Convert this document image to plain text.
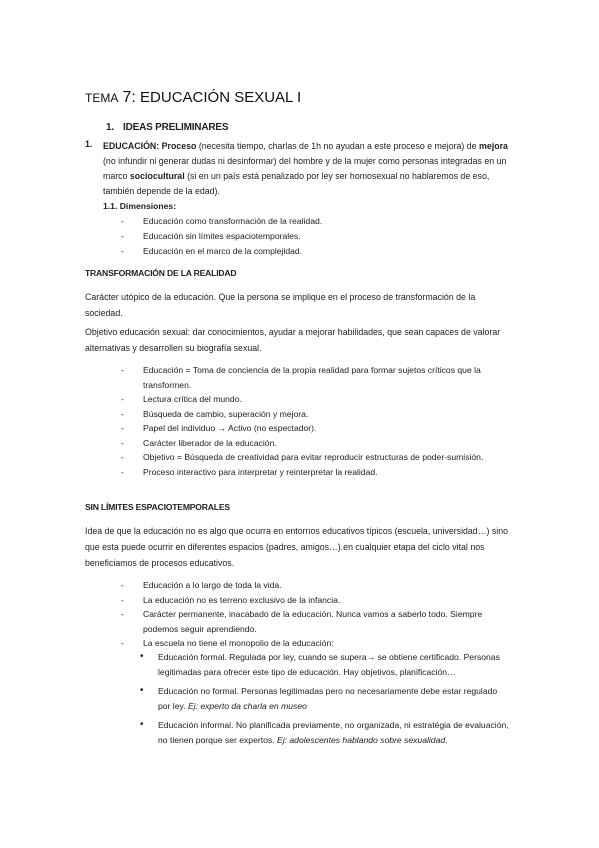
TEMA 7: EDUCACIÓN SEXUAL I
1. IDEAS PRELIMINARES
1. EDUCACIÓN: Proceso (necesita tiempo, charlas de 1h no ayudan a este proceso e mejora) de mejora (no infundir ni generar dudas ni desinformar) del hombre y de la mujer como personas integradas en un marco sociocultural (si en un país está penalizado por ley ser homosexual no hablaremos de eso, también depende de la edad).
1.1. Dimensiones:
- Educación como transformación de la realidad.
- Educación sin límites espaciotemporales.
- Educación en el marco de la complejidad.
TRANSFORMACIÓN DE LA REALIDAD
Carácter utópico de la educación. Que la persona se implique en el proceso de transformación de la sociedad.
Objetivo educación sexual: dar conocimientos, ayudar a mejorar habilidades, que sean capaces de valorar alternativas y desarrollen su biografía sexual.
- Educación = Toma de conciencia de la propia realidad para formar sujetos críticos que la transformen.
- Lectura crítica del mundo.
- Búsqueda de cambio, superación y mejora.
- Papel del individuo → Activo (no espectador).
- Carácter liberador de la educación.
- Objetivo = Búsqueda de creatividad para evitar reproducir estructuras de poder-sumisión.
- Proceso interactivo para interpretar y reinterpretar la realidad.
SIN LÍMITES ESPACIOTEMPORALES
Idea de que la educación no es algo que ocurra en entornos educativos típicos (escuela, universidad…) sino que esta puede ocurrir en diferentes espacios (padres, amigos…).en cualquier etapa del ciclo vital nos beneficiamos de procesos educativos.
- Educación a lo largo de toda la vida.
- La educación no es terreno exclusivo de la infancia.
- Carácter permanente, inacabado de la educación. Nunca vamos a saberlo todo. Siempre podemos seguir aprendiendo.
- La escuela no tiene el monopolio de la educación:
• Educación formal. Regulada por ley, cuando se supera→ se obtiene certificado. Personas legitimadas para ofrecer este tipo de educación. Hay objetivos, planificación…
• Educación no formal. Personas legitimadas pero no necesariamente debe estar regulado por ley. Ej: experto da charla en museo
• Educación informal. No planificada previamente, no organizada, ni estratégia de evaluación, no tienen porque ser expertos. Ej: adolescentes hablando sobre sexualidad.
